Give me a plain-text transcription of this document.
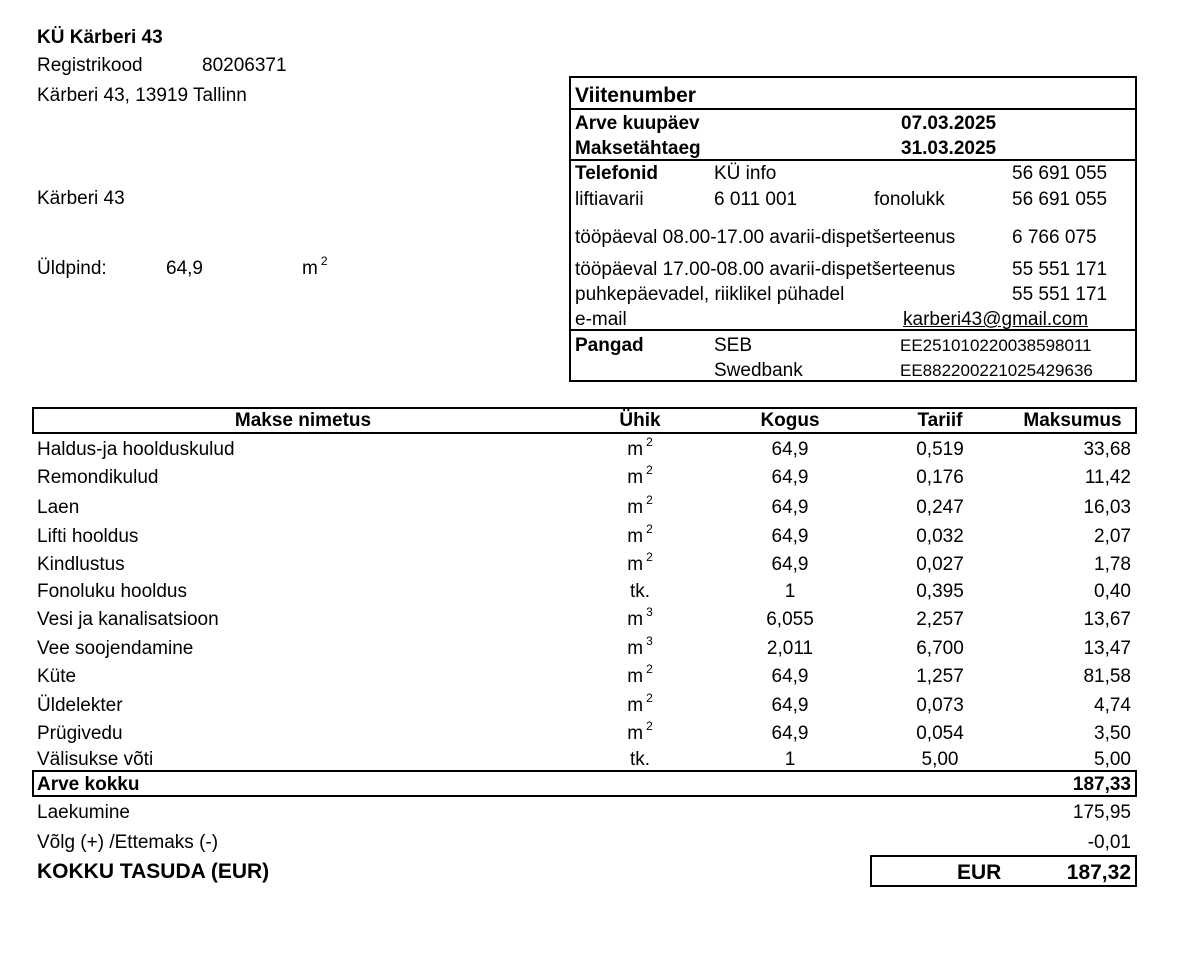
KÜ Kärberi 43
Registrikood	80206371
Kärberi 43, 13919 Tallinn
Kärberi 43
Üldpind:	64,9	m $^2$
Viitenumber
Arve kuupäev	07.03.2025
Maksetähtaeg	31.03.2025
Telefonid	KÜ info	56 691 055
liftiavarii	6 011 001	fonolukk	56 691 055
tööpäeval 08.00-17.00 avarii-dispetšerteenus	6 766 075
tööpäeval 17.00-08.00 avarii-dispetšerteenus	55 551 171
puhkepäevadel, riiklikel pühadel	55 551 171
e-mail	karberi43@gmail.com
Pangad	SEB	EE251010220038598011
Swedbank	EE882200221025429636
Makse nimetus	Ühik	Kogus	Tariif	Maksumus
Haldus-ja hoolduskulud	m $^2$	64,9	0,519	33,68
Remondikulud	m $^2$	64,9	0,176	11,42
Laen	m $^2$	64,9	0,247	16,03
Lifti hooldus	m $^2$	64,9	0,032	2,07
Kindlustus	m $^2$	64,9	0,027	1,78
Fonoluku hooldus	tk.	1	0,395	0,40
Vesi ja kanalisatsioon	m $^3$	6,055	2,257	13,67
Vee soojendamine	m $^3$	2,011	6,700	13,47
Küte	m $^2$	64,9	1,257	81,58
Üldelekter	m $^2$	64,9	0,073	4,74
Prügivedu	m $^2$	64,9	0,054	3,50
Välisukse võti	tk.	1	5,00	5,00
Arve kokku	187,33
Laekumine	175,95
Võlg (+) /Ettemaks (-)	-0,01
KOKKU TASUDA (EUR)	EUR	187,32
